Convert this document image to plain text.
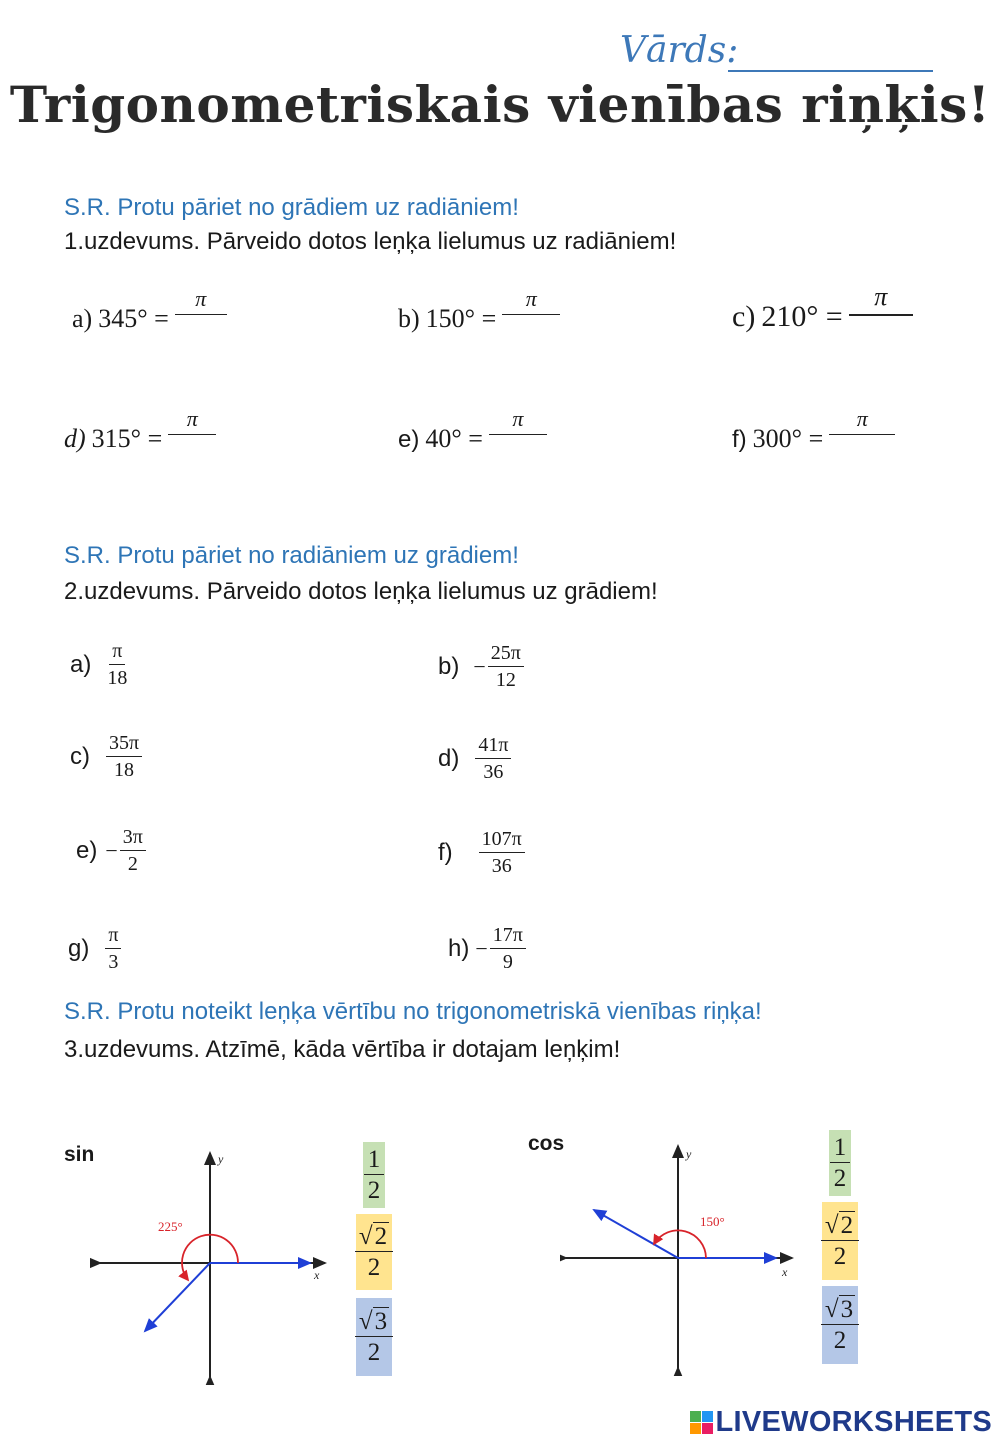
Vārds:
Trigonometriskais vienības riņķis!
S.R. Protu pāriet no grādiem uz radiāniem!
1.uzdevums. Pārveido dotos leņķa lielumus uz radiāniem!
a) 345° =
π
b) 150° =
π
c) 210° =
π
d) 315° =
π
e) 40° =
π
f) 300° =
π
S.R. Protu pāriet no radiāniem uz grādiem!
2.uzdevums. Pārveido dotos leņķa lielumus uz grādiem!
$a) \frac{\pi}{18}$	$b) - \frac{25\pi}{12}$
$c) \frac{35\pi}{18}$	$d) \frac{41\pi}{36}$
$e) - \frac{3\pi}{2}$	$f) \frac{107\pi}{36}$
$g) \frac{\pi}{3}$	$h) - \frac{17\pi}{9}$
S.R. Protu noteikt leņķa vērtību no trigonometriskā vienības riņķa!
3.uzdevums. Atzīmē, kāda vērtība ir dotajam leņķim!
sin	cos
x
y
225°
x
y
150°
$\frac{1}{2}$
$\frac{√2}{2}$
$\frac{√3}{2}$
$\frac{1}{2}$
$\frac{√2}{2}$
$\frac{√3}{2}$
LIVEWORKSHEETS
